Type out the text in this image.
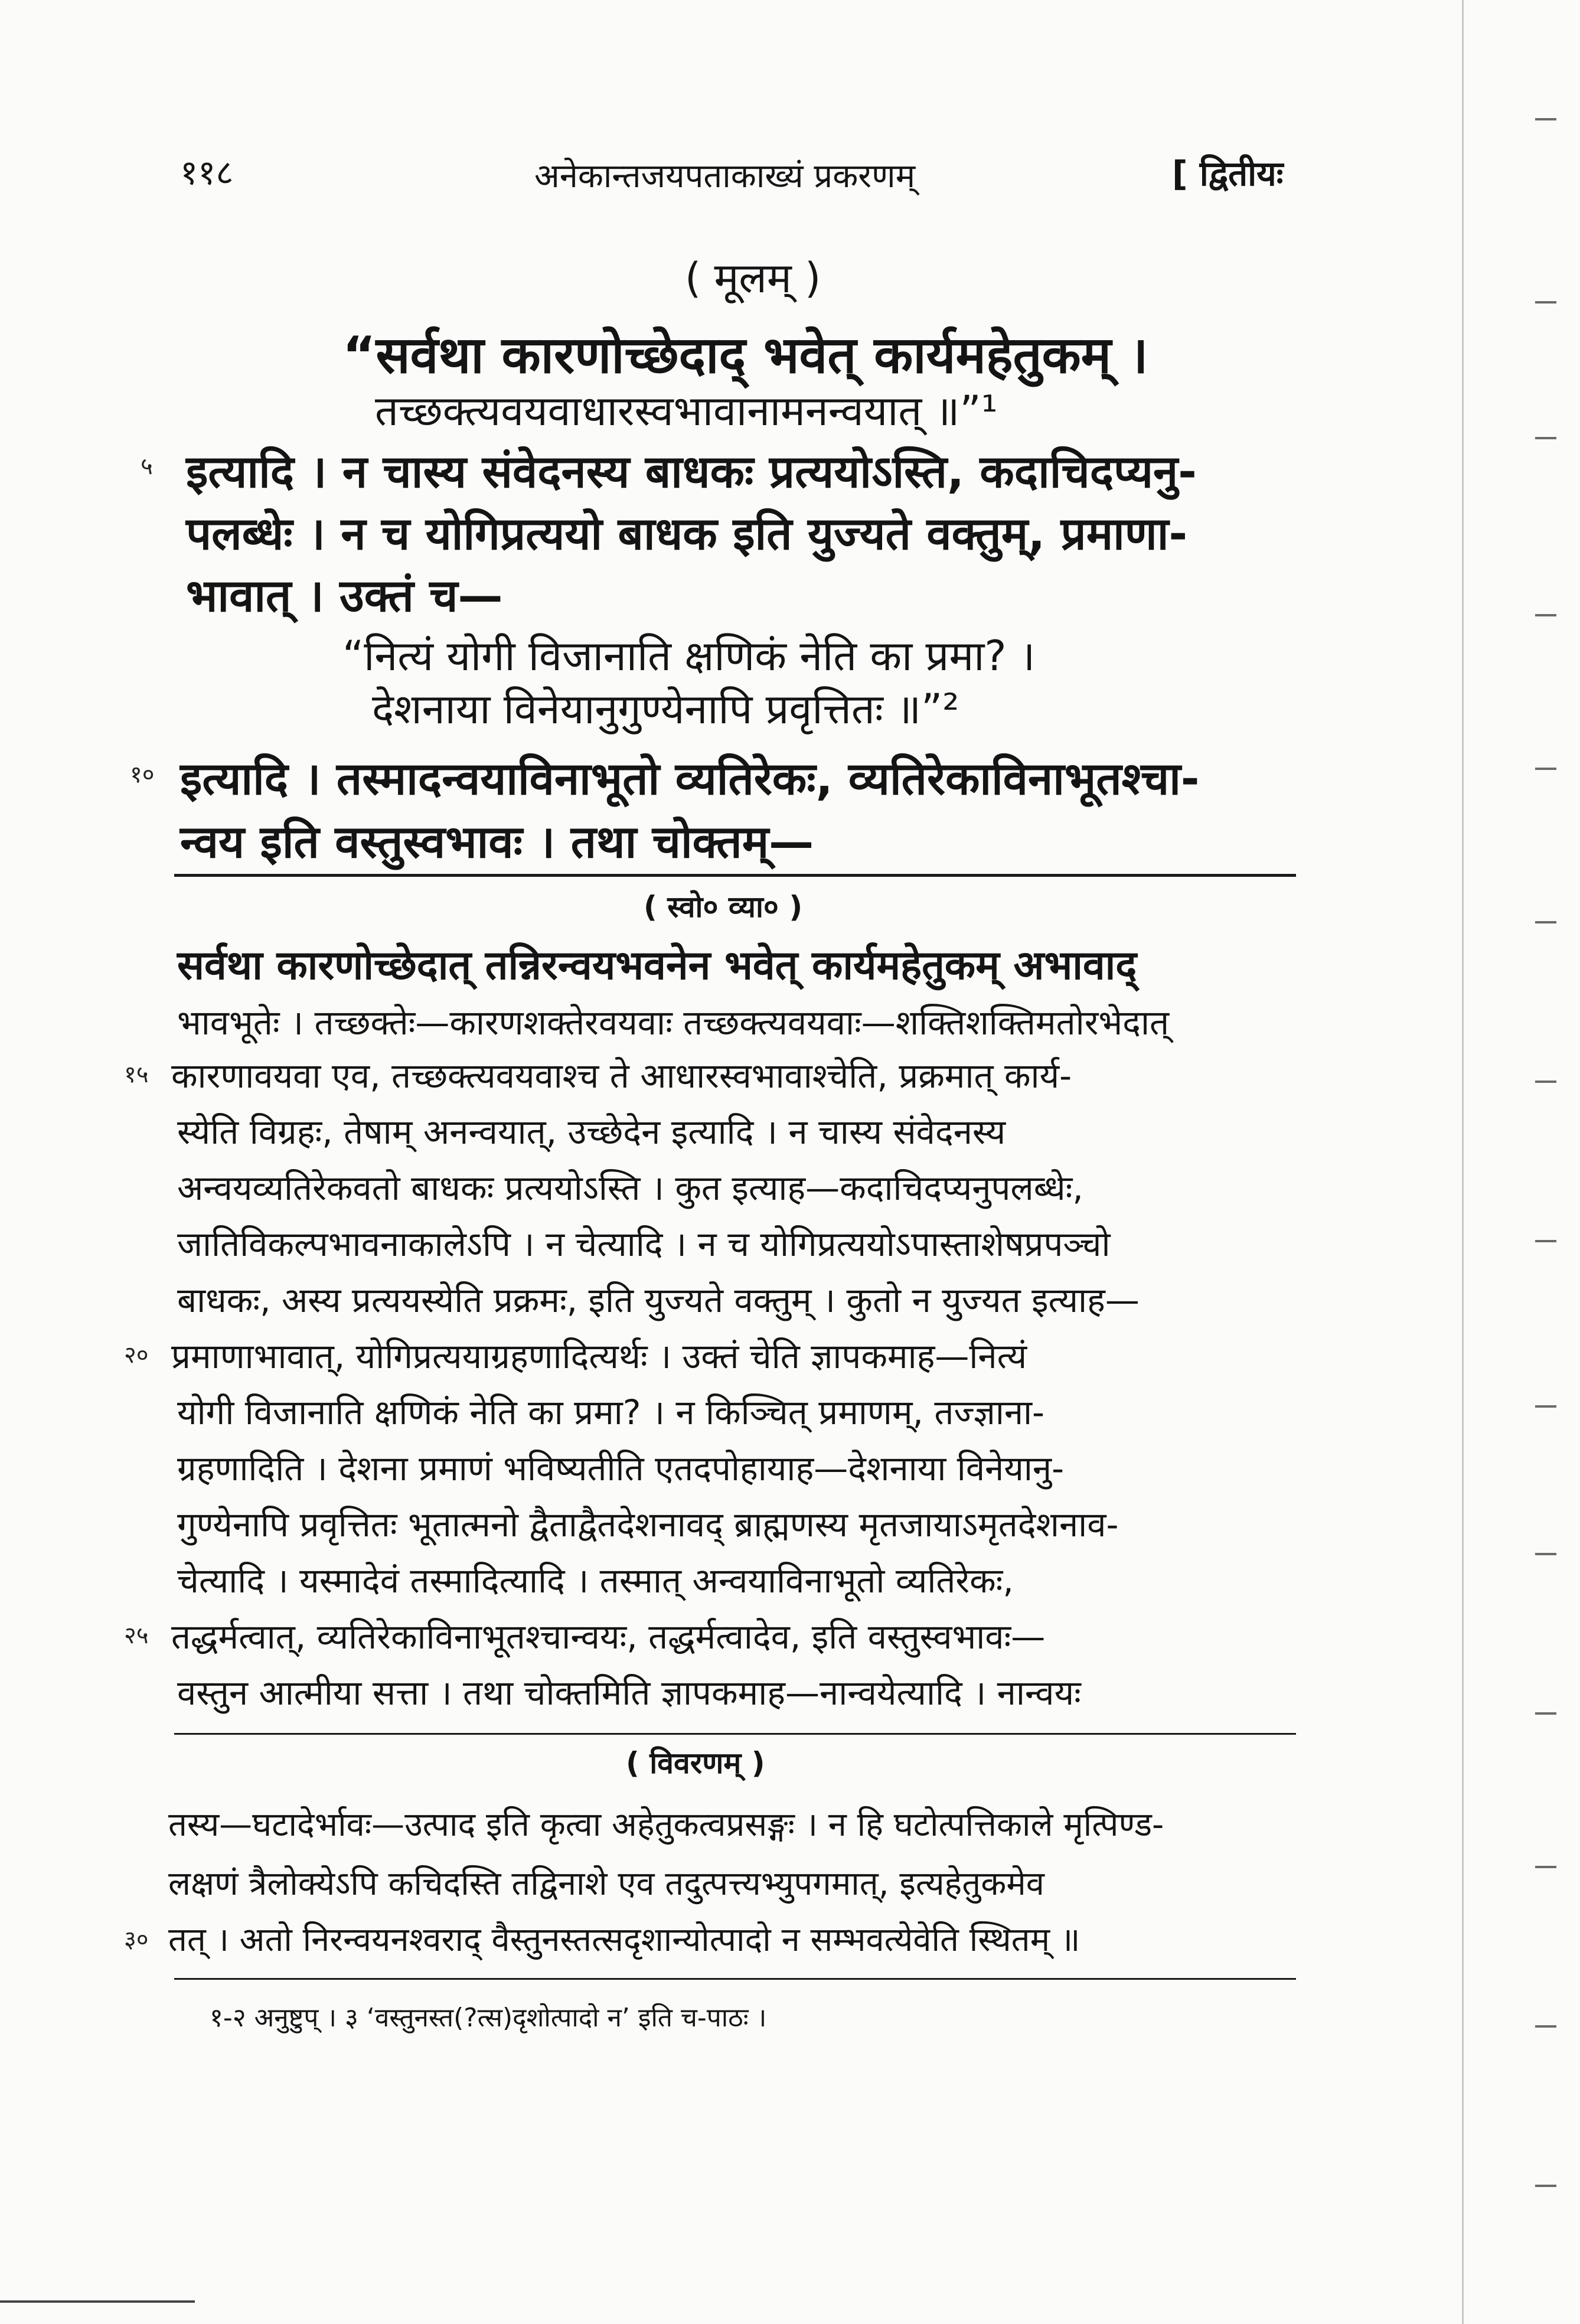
११८	अनेकान्तजयपताकाख्यं प्रकरणम्	[ द्वितीयः
( मूलम् )
“सर्वथा कारणोच्छेदाद् भवेत् कार्यमहेतुकम् ।
तच्छक्त्यवयवाधारस्वभावानामनन्वयात् ॥”¹
५ इत्यादि । न चास्य संवेदनस्य बाधकः प्रत्ययोऽस्ति, कदाचिदप्यनु-
पलब्धेः । न च योगिप्रत्ययो बाधक इति युज्यते वक्तुम्, प्रमाणा-
भावात् । उक्तं च—
“नित्यं योगी विजानाति क्षणिकं नेति का प्रमा? ।
देशनाया विनेयानुगुण्येनापि प्रवृत्तितः ॥”²
१० इत्यादि । तस्मादन्वयाविनाभूतो व्यतिरेकः, व्यतिरेकाविनाभूतश्चा-
न्वय इति वस्तुस्वभावः । तथा चोक्तम्—
( स्वो० व्या० )
सर्वथा कारणोच्छेदात् तन्निरन्वयभवनेन भवेत् कार्यमहेतुकम् अभावाद्
भावभूतेः । तच्छक्तेः—कारणशक्तेरवयवाः तच्छक्त्यवयवाः—शक्तिशक्तिमतोरभेदात्
१५ कारणावयवा एव, तच्छक्त्यवयवाश्च ते आधारस्वभावाश्चेति, प्रक्रमात् कार्य-
स्येति विग्रहः, तेषाम् अनन्वयात्, उच्छेदेन इत्यादि । न चास्य संवेदनस्य
अन्वयव्यतिरेकवतो बाधकः प्रत्ययोऽस्ति । कुत इत्याह—कदाचिदप्यनुपलब्धेः,
जातिविकल्पभावनाकालेऽपि । न चेत्यादि । न च योगिप्रत्ययोऽपास्ताशेषप्रपञ्चो
बाधकः, अस्य प्रत्ययस्येति प्रक्रमः, इति युज्यते वक्तुम् । कुतो न युज्यत इत्याह—
२० प्रमाणाभावात्, योगिप्रत्ययाग्रहणादित्यर्थः । उक्तं चेति ज्ञापकमाह—नित्यं
योगी विजानाति क्षणिकं नेति का प्रमा? । न किञ्चित् प्रमाणम्, तज्ज्ञाना-
ग्रहणादिति । देशना प्रमाणं भविष्यतीति एतदपोहायाह—देशनाया विनेयानु-
गुण्येनापि प्रवृत्तितः भूतात्मनो द्वैताद्वैतदेशनावद् ब्राह्मणस्य मृतजायाऽमृतदेशनाव-
चेत्यादि । यस्मादेवं तस्मादित्यादि । तस्मात् अन्वयाविनाभूतो व्यतिरेकः,
२५ तद्धर्मत्वात्, व्यतिरेकाविनाभूतश्चान्वयः, तद्धर्मत्वादेव, इति वस्तुस्वभावः—
वस्तुन आत्मीया सत्ता । तथा चोक्तमिति ज्ञापकमाह—नान्वयेत्यादि । नान्वयः
( विवरणम् )
तस्य—घटादेर्भावः—उत्पाद इति कृत्वा अहेतुकत्वप्रसङ्गः । न हि घटोत्पत्तिकाले मृत्पिण्ड-
लक्षणं त्रैलोक्येऽपि कचिदस्ति तद्विनाशे एव तदुत्पत्त्यभ्युपगमात्, इत्यहेतुकमेव
३० तत् । अतो निरन्वयनश्वराद् वैस्तुनस्तत्सदृशान्योत्पादो न सम्भवत्येवेति स्थितम् ॥
१-२ अनुष्टुप् । ३ ‘वस्तुनस्त(?त्स)दृशोत्पादो न’ इति च-पाठः ।
